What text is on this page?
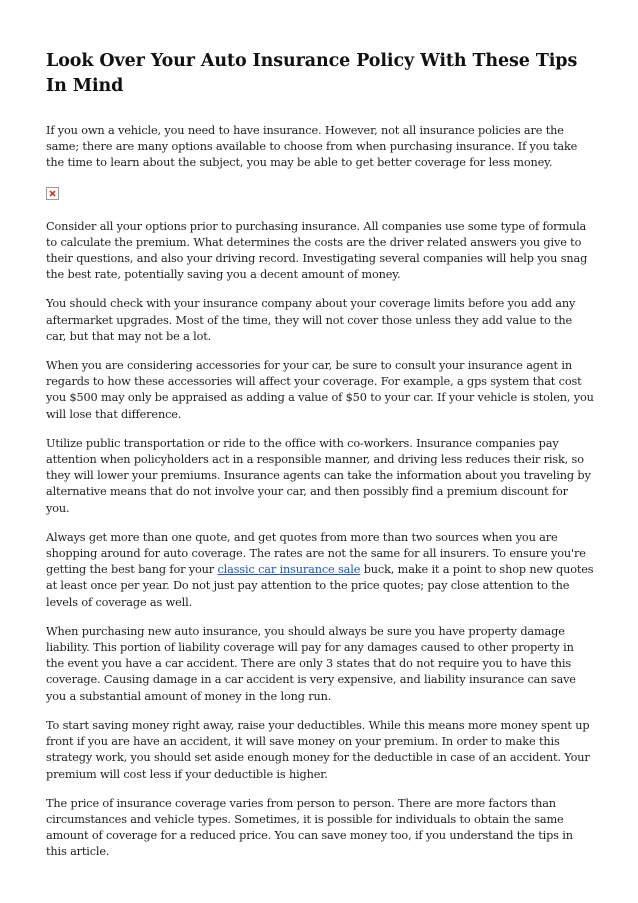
Look Over Your Auto Insurance Policy With These Tips In Mind

If you own a vehicle, you need to have insurance. However, not all insurance policies are the same; there are many options available to choose from when purchasing insurance. If you take the time to learn about the subject, you may be able to get better coverage for less money.

Consider all your options prior to purchasing insurance. All companies use some type of formula to calculate the premium. What determines the costs are the driver related answers you give to their questions, and also your driving record. Investigating several companies will help you snag the best rate, potentially saving you a decent amount of money.

You should check with your insurance company about your coverage limits before you add any aftermarket upgrades. Most of the time, they will not cover those unless they add value to the car, but that may not be a lot.

When you are considering accessories for your car, be sure to consult your insurance agent in regards to how these accessories will affect your coverage. For example, a gps system that cost you $500 may only be appraised as adding a value of $50 to your car. If your vehicle is stolen, you will lose that difference.

Utilize public transportation or ride to the office with co-workers. Insurance companies pay attention when policyholders act in a responsible manner, and driving less reduces their risk, so they will lower your premiums. Insurance agents can take the information about you traveling by alternative means that do not involve your car, and then possibly find a premium discount for you.

Always get more than one quote, and get quotes from more than two sources when you are shopping around for auto coverage. The rates are not the same for all insurers. To ensure you're getting the best bang for your classic car insurance sale buck, make it a point to shop new quotes at least once per year. Do not just pay attention to the price quotes; pay close attention to the levels of coverage as well.

When purchasing new auto insurance, you should always be sure you have property damage liability. This portion of liability coverage will pay for any damages caused to other property in the event you have a car accident. There are only 3 states that do not require you to have this coverage. Causing damage in a car accident is very expensive, and liability insurance can save you a substantial amount of money in the long run.

To start saving money right away, raise your deductibles. While this means more money spent up front if you are have an accident, it will save money on your premium. In order to make this strategy work, you should set aside enough money for the deductible in case of an accident. Your premium will cost less if your deductible is higher.

The price of insurance coverage varies from person to person. There are more factors than circumstances and vehicle types. Sometimes, it is possible for individuals to obtain the same amount of coverage for a reduced price. You can save money too, if you understand the tips in this article.
